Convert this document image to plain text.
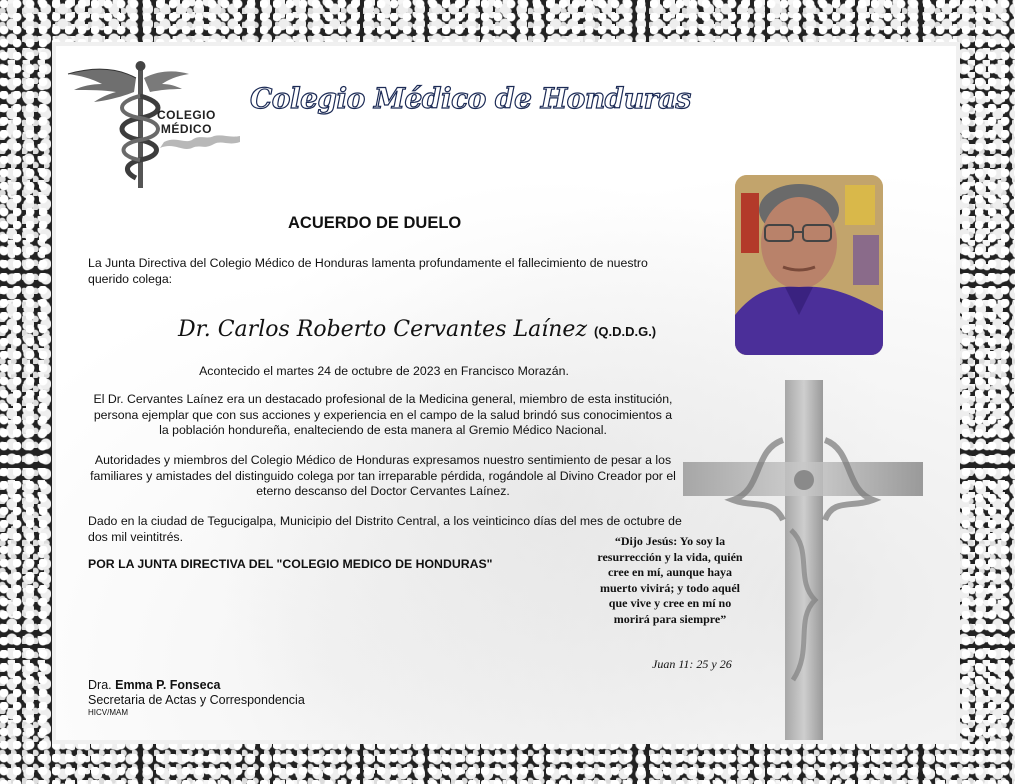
COLEGIO
MÉDICO
Colegio Médico de Honduras
ACUERDO DE DUELO
La Junta Directiva del Colegio Médico de Honduras lamenta profundamente el fallecimiento de nuestro querido colega:
Dr. Carlos Roberto Cervantes Laínez (Q.D.D.G.)
Acontecido el martes 24 de octubre de 2023 en Francisco Morazán.
El Dr. Cervantes Laínez era un destacado profesional de la Medicina general, miembro de esta institución, persona ejemplar que con sus acciones y experiencia en el campo de la salud brindó sus conocimientos a la población hondureña, enalteciendo de esta manera al Gremio Médico Nacional.
Autoridades y miembros del Colegio Médico de Honduras expresamos nuestro sentimiento de pesar a los familiares y amistades del distinguido colega por tan irreparable pérdida, rogándole al Divino Creador por el eterno descanso del Doctor Cervantes Laínez.
Dado en la ciudad de Tegucigalpa, Municipio del Distrito Central, a los veinticinco días del mes de octubre de dos mil veintitrés.
POR LA JUNTA DIRECTIVA DEL "COLEGIO MEDICO DE HONDURAS"
“Dijo Jesús: Yo soy la resurrección y la vida, quién cree en mí, aunque haya muerto vivirá; y todo aquél que vive y cree en mí no morirá para siempre”
Juan 11: 25 y 26
Dra. Emma P. Fonseca
Secretaria de Actas y Correspondencia
HICV/MAM
